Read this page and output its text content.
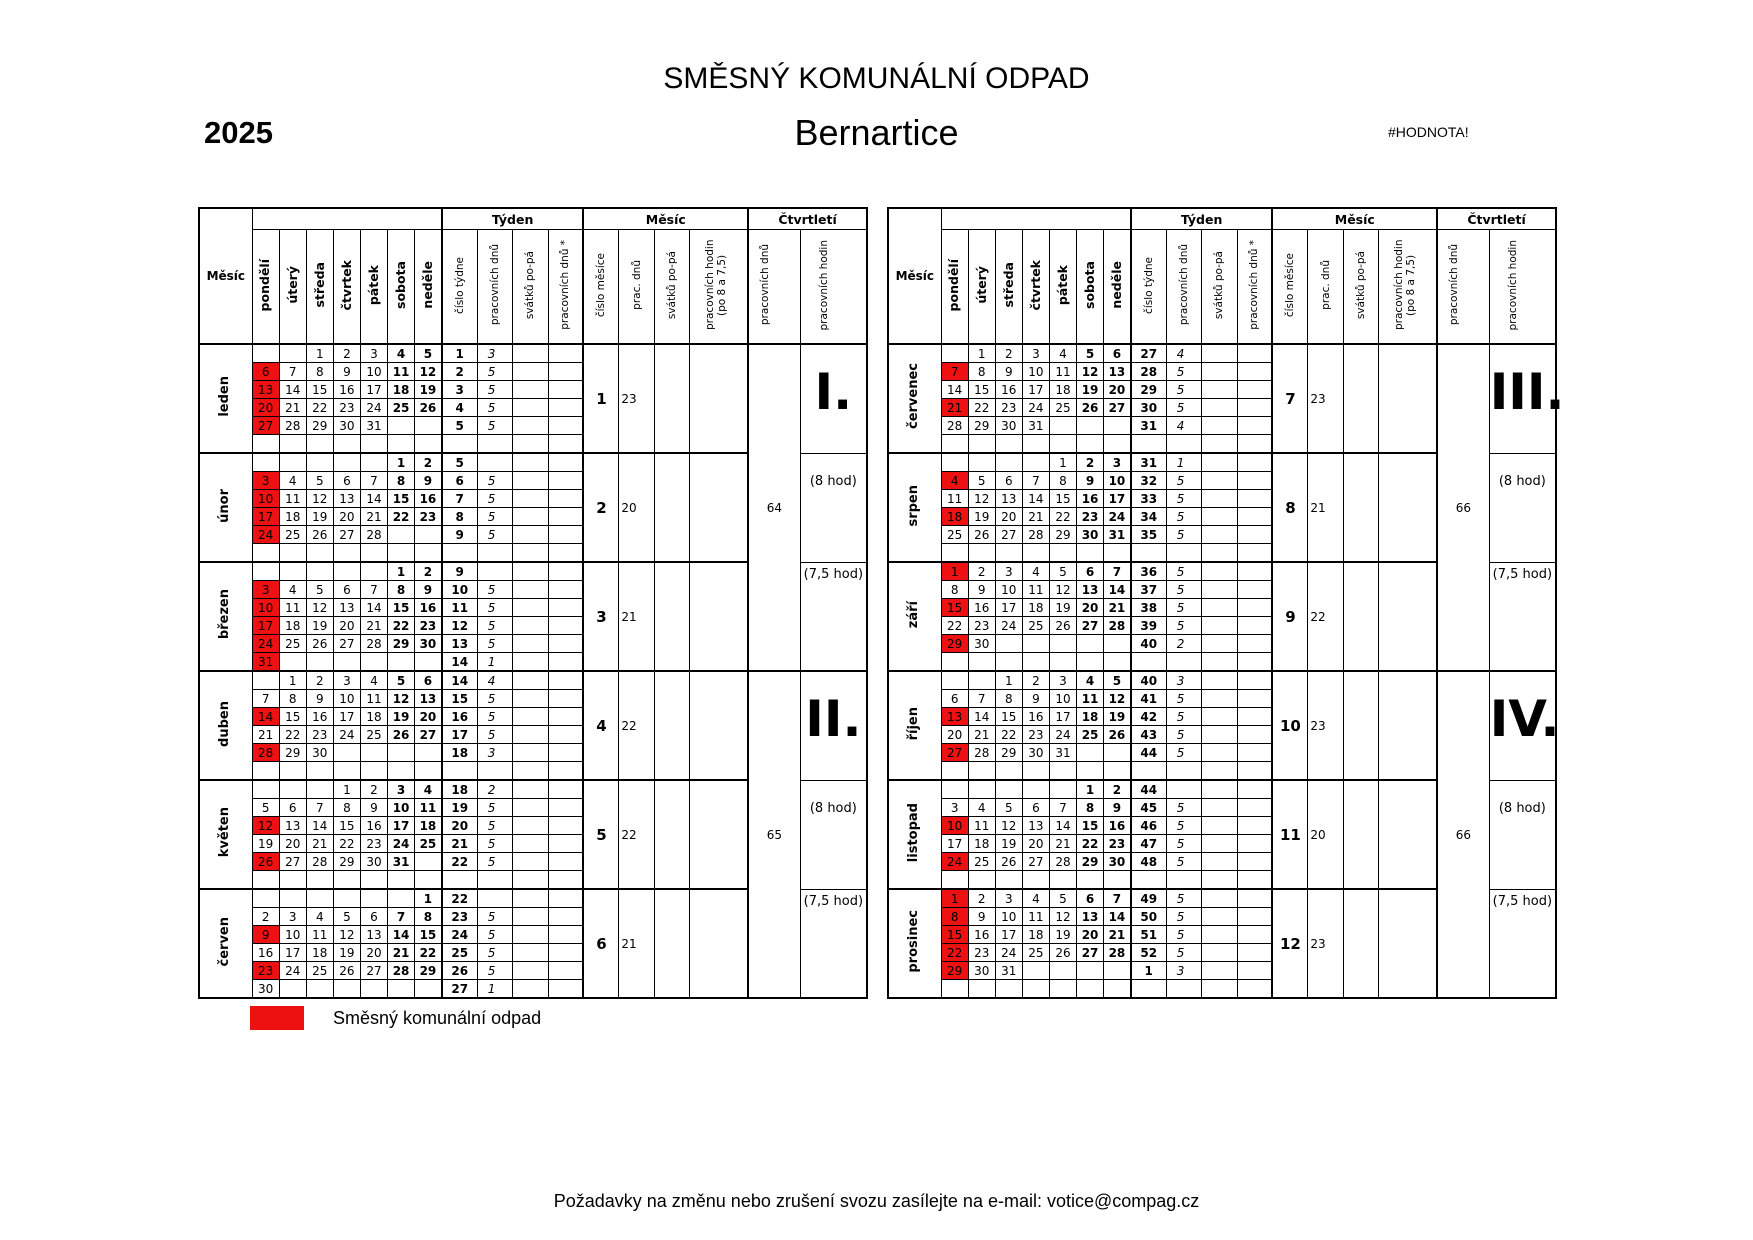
SMĚSNÝ KOMUNÁLNÍ ODPAD
Bernartice
2025	#HODNOTA!
Měsíc								Týden				Měsíc				Čtvrtletí	
	pondělí	úterý	středa	čtvrtek	pátek	sobota	neděle	číslo týdne	pracovních dnů	svátků po-pá	pracovních dnů *	číslo měsíce	prac. dnů	svátků po-pá	pracovních hodin (po 8 a 7,5)	pracovních dnů	pracovních hodin
leden			1	2	3	4	5	1	3			1	23			64	I.
	6	7	8	9	10	11	12	2	5								
	13	14	15	16	17	18	19	3	5								
	20	21	22	23	24	25	26	4	5								
	27	28	29	30	31			5	5								

únor						1	2	5				2	20				(8 hod)
	3	4	5	6	7	8	9	6	5								
	10	11	12	13	14	15	16	7	5								
	17	18	19	20	21	22	23	8	5								
	24	25	26	27	28			9	5								

březen						1	2	9				3	21				(7,5 hod)
	3	4	5	6	7	8	9	10	5								
	10	11	12	13	14	15	16	11	5								
	17	18	19	20	21	22	23	12	5								
	24	25	26	27	28	29	30	13	5								
	31							14	1								
duben		1	2	3	4	5	6	14	4			4	22			65	II.
	7	8	9	10	11	12	13	15	5								
	14	15	16	17	18	19	20	16	5								
	21	22	23	24	25	26	27	17	5								
	28	29	30					18	3								

květen				1	2	3	4	18	2			5	22				(8 hod)
	5	6	7	8	9	10	11	19	5								
	12	13	14	15	16	17	18	20	5								
	19	20	21	22	23	24	25	21	5								
	26	27	28	29	30	31		22	5								

červen							1	22				6	21				(7,5 hod)
	2	3	4	5	6	7	8	23	5								
	9	10	11	12	13	14	15	24	5								
	16	17	18	19	20	21	22	25	5								
	23	24	25	26	27	28	29	26	5								
	30							27	1								
Měsíc								Týden				Měsíc				Čtvrtletí	
	pondělí	úterý	středa	čtvrtek	pátek	sobota	neděle	číslo týdne	pracovních dnů	svátků po-pá	pracovních dnů *	číslo měsíce	prac. dnů	svátků po-pá	pracovních hodin (po 8 a 7,5)	pracovních dnů	pracovních hodin
červenec		1	2	3	4	5	6	27	4			7	23			66	III.
	7	8	9	10	11	12	13	28	5								
	14	15	16	17	18	19	20	29	5								
	21	22	23	24	25	26	27	30	5								
	28	29	30	31				31	4								

srpen					1	2	3	31	1			8	21				(8 hod)
	4	5	6	7	8	9	10	32	5								
	11	12	13	14	15	16	17	33	5								
	18	19	20	21	22	23	24	34	5								
	25	26	27	28	29	30	31	35	5								

září	1	2	3	4	5	6	7	36	5			9	22				(7,5 hod)
	8	9	10	11	12	13	14	37	5								
	15	16	17	18	19	20	21	38	5								
	22	23	24	25	26	27	28	39	5								
	29	30						40	2								

říjen			1	2	3	4	5	40	3			10	23			66	IV.
	6	7	8	9	10	11	12	41	5								
	13	14	15	16	17	18	19	42	5								
	20	21	22	23	24	25	26	43	5								
	27	28	29	30	31			44	5								

listopad						1	2	44				11	20				(8 hod)
	3	4	5	6	7	8	9	45	5								
	10	11	12	13	14	15	16	46	5								
	17	18	19	20	21	22	23	47	5								
	24	25	26	27	28	29	30	48	5								

prosinec	1	2	3	4	5	6	7	49	5			12	23				(7,5 hod)
	8	9	10	11	12	13	14	50	5								
	15	16	17	18	19	20	21	51	5								
	22	23	24	25	26	27	28	52	5								
	29	30	31					1	3								

Směsný komunální odpad
Požadavky na změnu nebo zrušení svozu zasílejte na e-mail: votice@compag.cz
